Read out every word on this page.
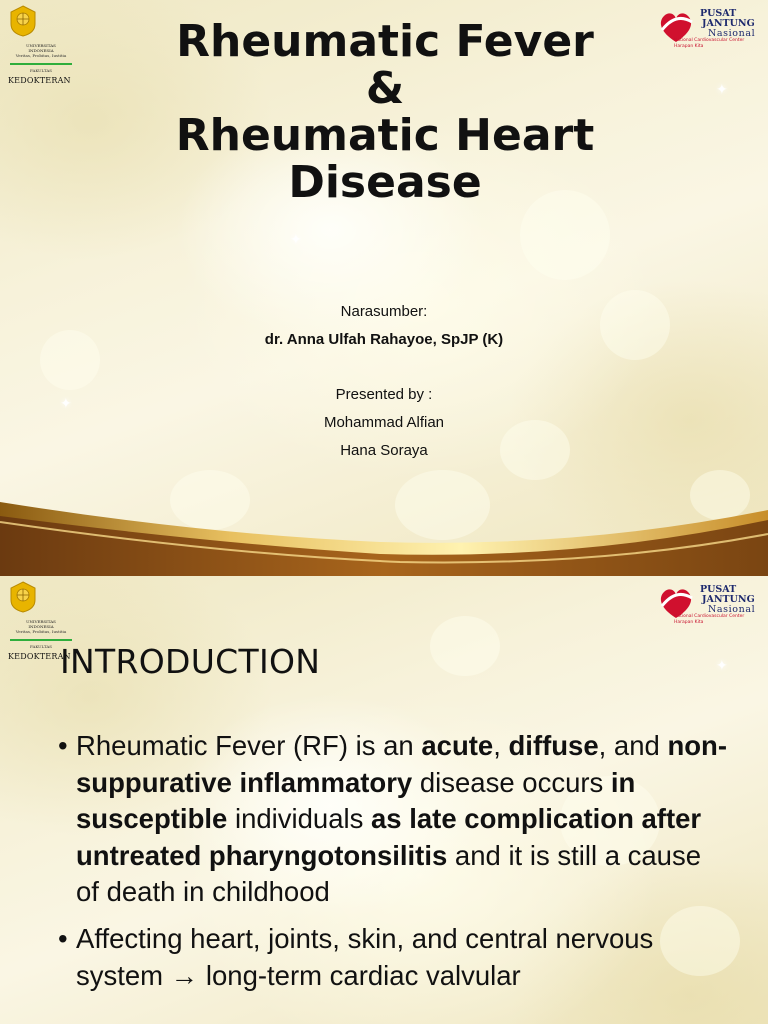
✦
✦
✦
UNIVERSITAS
INDONESIA
Veritas, Probitas, Iustitia
FAKULTAS
KEDOKTERAN
PUSAT
JANTUNG
Nasional
National Cardiovascular Center
Harapan Kita
Rheumatic Fever
&
Rheumatic Heart
Disease
Narasumber:
dr. Anna Ulfah Rahayoe, SpJP (K)
Presented by :
Mohammad Alfian
Hana Soraya
✦
UNIVERSITAS
INDONESIA
Veritas, Probitas, Iustitia
FAKULTAS
KEDOKTERAN
PUSAT
JANTUNG
Nasional
National Cardiovascular Center
Harapan Kita
INTRODUCTION
• Rheumatic Fever (RF) is an acute, diffuse, and non-suppurative inflammatory disease occurs in susceptible individuals as late complication after untreated pharyngotonsilitis and it is still a cause of death in childhood
• Affecting heart, joints, skin, and central nervous system → long-term cardiac valvular
